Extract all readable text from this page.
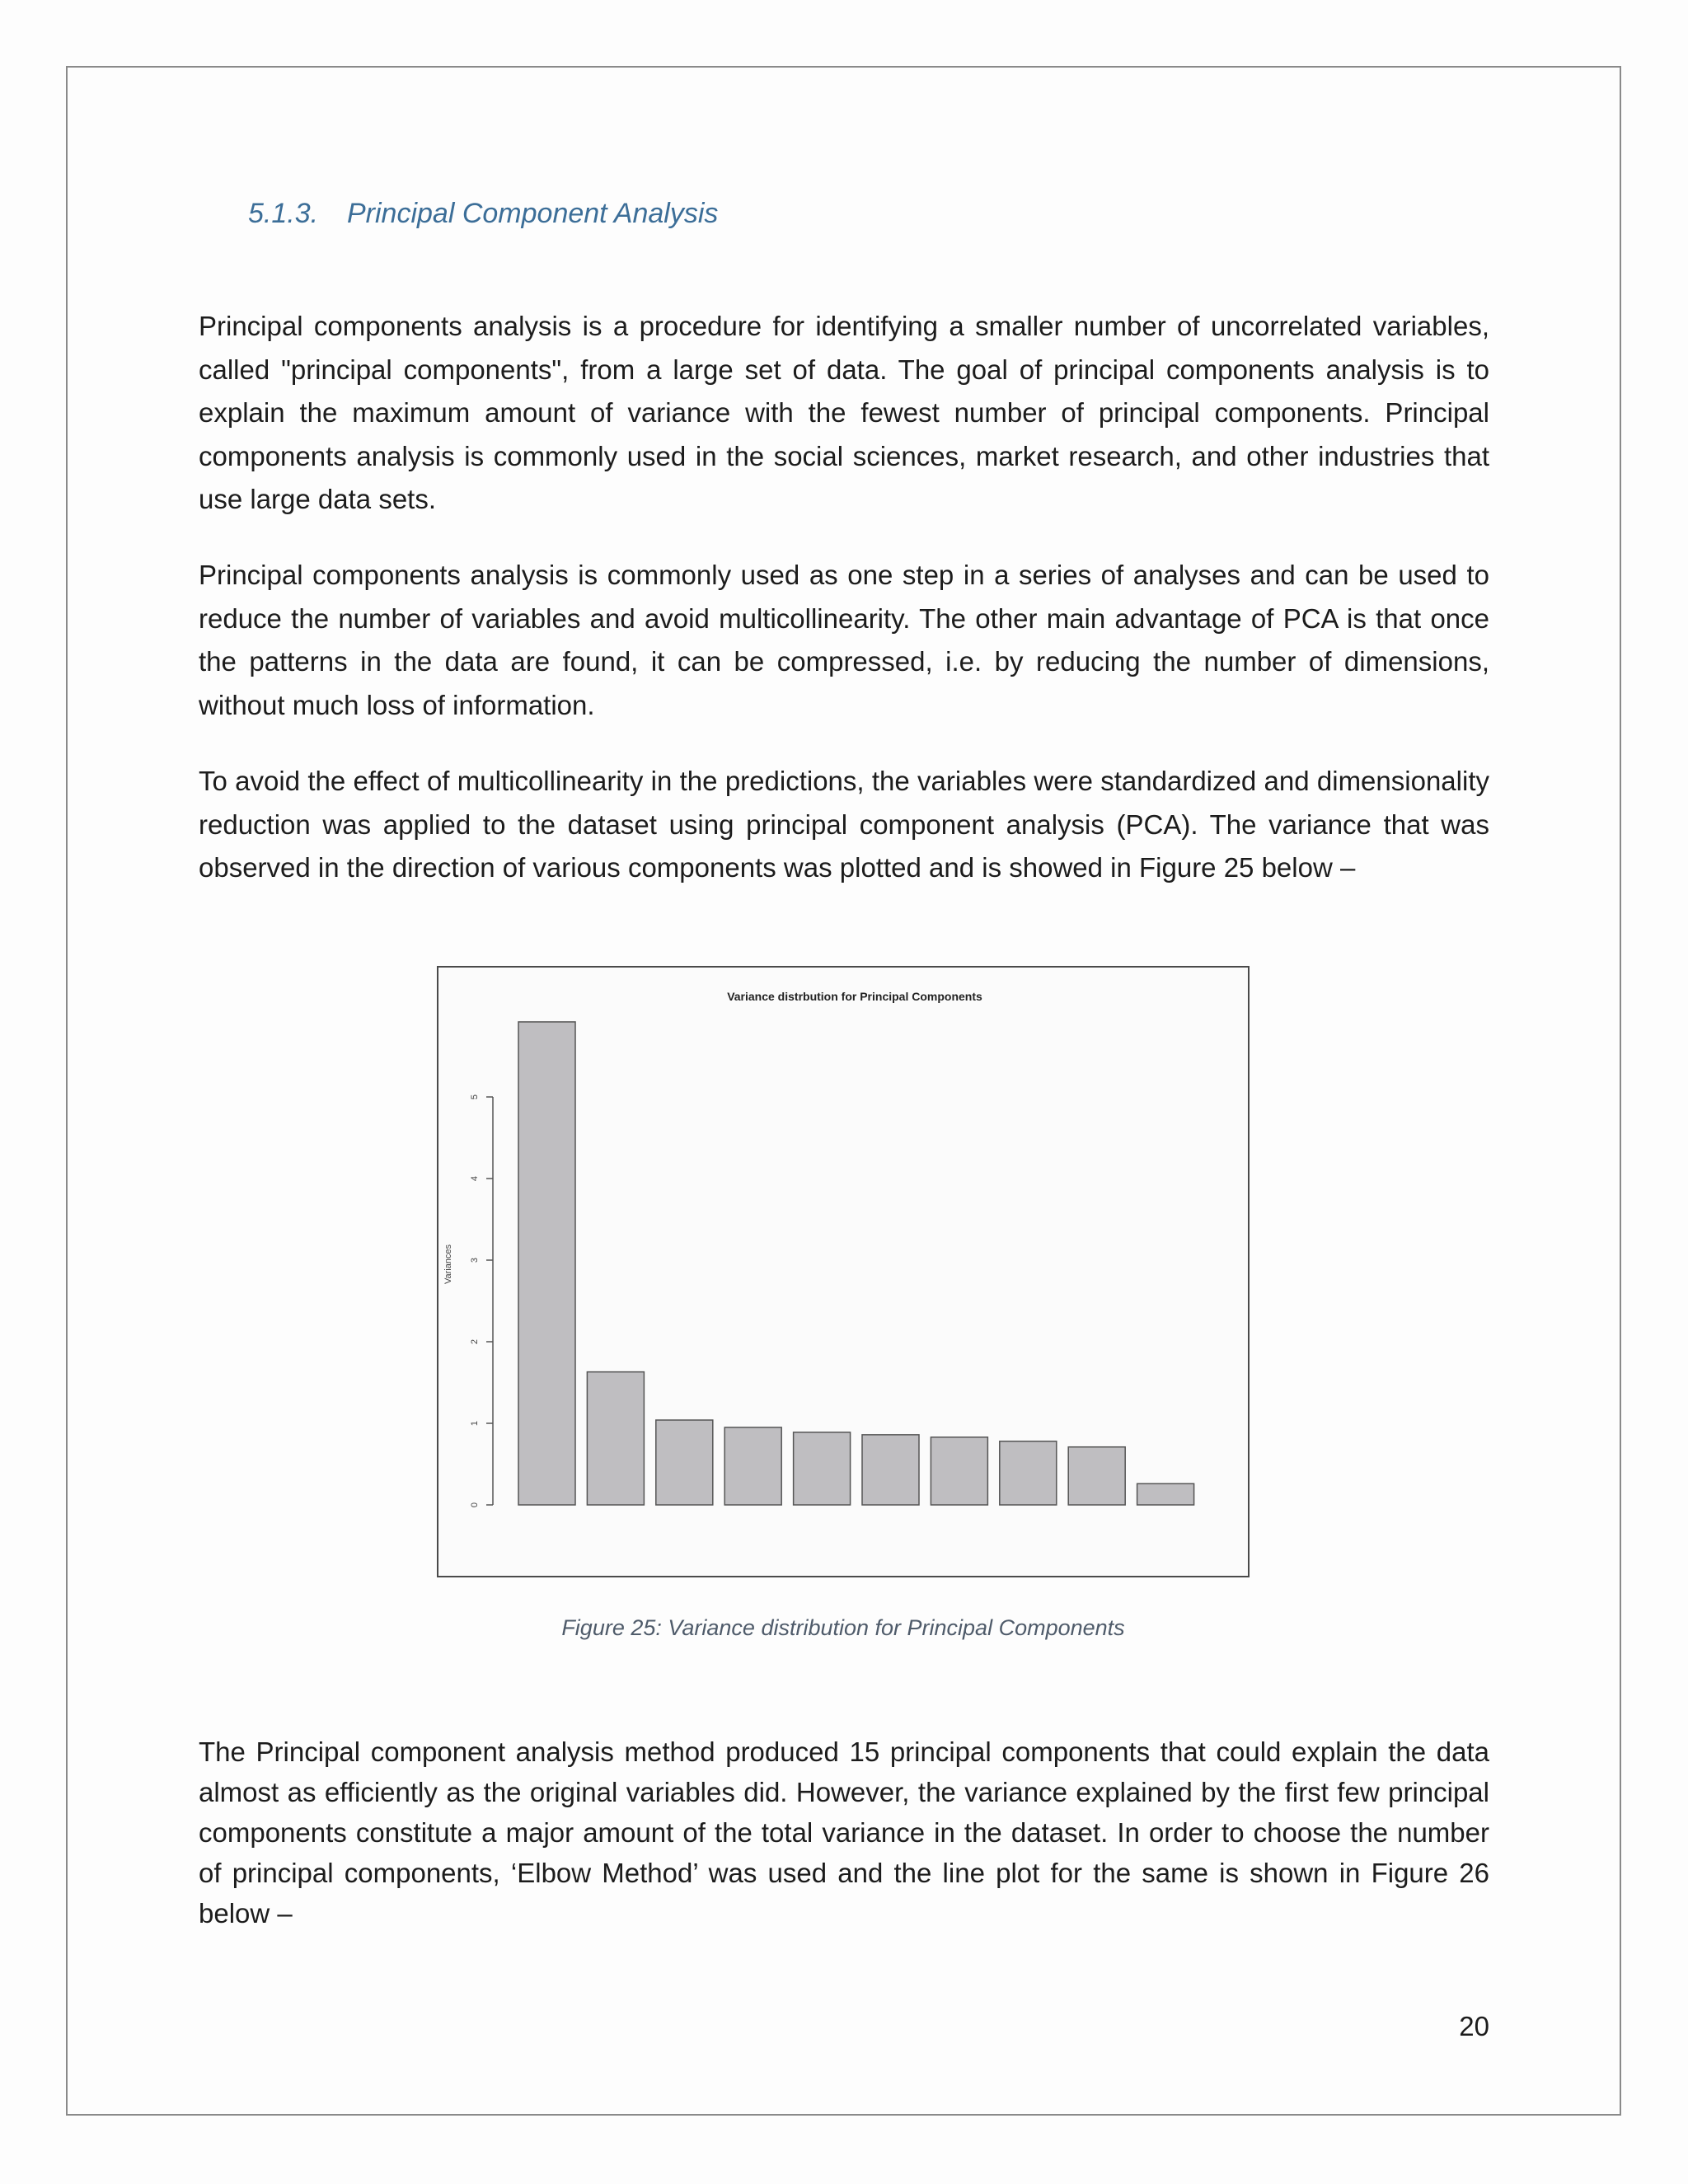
5.1.3. Principal Component Analysis

Principal components analysis is a procedure for identifying a smaller number of uncorrelated variables, called "principal components", from a large set of data. The goal of principal components analysis is to explain the maximum amount of variance with the fewest number of principal components. Principal components analysis is commonly used in the social sciences, market research, and other industries that use large data sets.

Principal components analysis is commonly used as one step in a series of analyses and can be used to reduce the number of variables and avoid multicollinearity. The other main advantage of PCA is that once the patterns in the data are found, it can be compressed, i.e. by reducing the number of dimensions, without much loss of information.

To avoid the effect of multicollinearity in the predictions, the variables were standardized and dimensionality reduction was applied to the dataset using principal component analysis (PCA). The variance that was observed in the direction of various components was plotted and is showed in Figure 25 below –

Variance distrbution for Principal Components
Variances
0
1
2
3
4
5
Figure 25: Variance distribution for Principal Components

The Principal component analysis method produced 15 principal components that could explain the data almost as efficiently as the original variables did. However, the variance explained by the first few principal components constitute a major amount of the total variance in the dataset. In order to choose the number of principal components, ‘Elbow Method’ was used and the line plot for the same is shown in Figure 26 below –

20
